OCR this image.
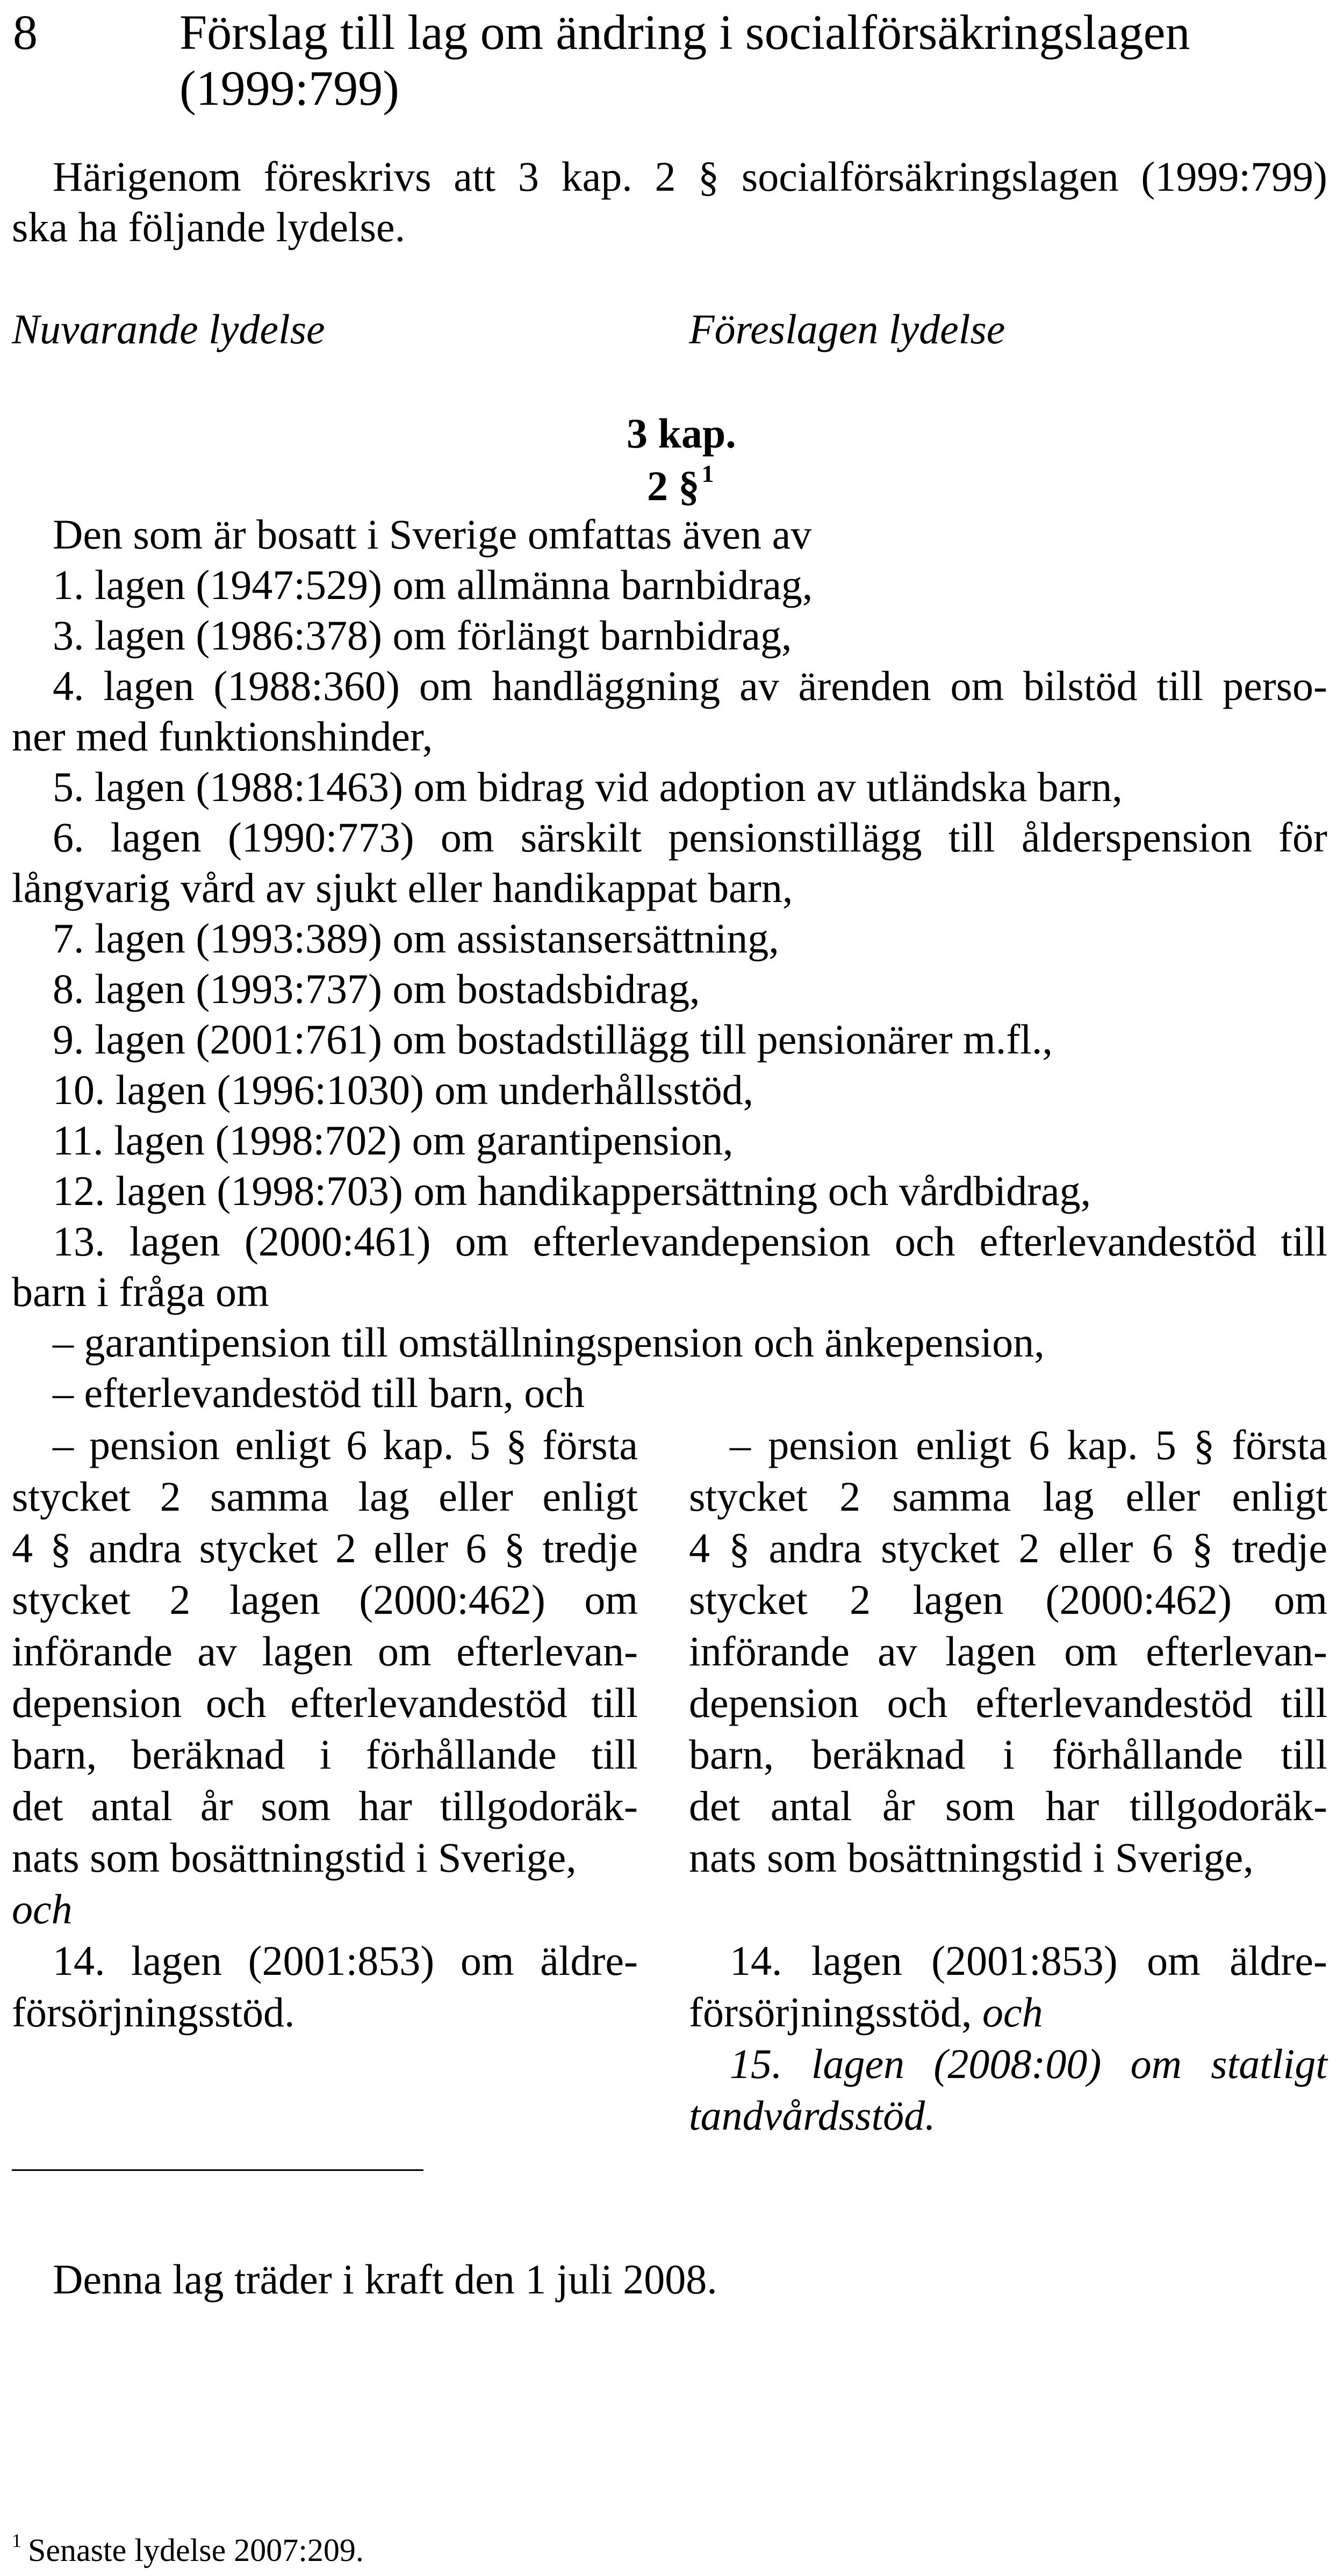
8	Förslag till lag om ändring i socialförsäkringslagen
(1999:799)
Härigenom föreskrivs att 3 kap. 2 § socialförsäkringslagen (1999:799)
ska ha följande lydelse.
Nuvarande lydelse	Föreslagen lydelse
3 kap.
2 §$^1$
Den som är bosatt i Sverige omfattas även av
1. lagen (1947:529) om allmänna barnbidrag,
3. lagen (1986:378) om förlängt barnbidrag,
4. lagen (1988:360) om handläggning av ärenden om bilstöd till perso-
ner med funktionshinder,
5. lagen (1988:1463) om bidrag vid adoption av utländska barn,
6. lagen (1990:773) om särskilt pensionstillägg till ålderspension för
långvarig vård av sjukt eller handikappat barn,
7. lagen (1993:389) om assistansersättning,
8. lagen (1993:737) om bostadsbidrag,
9. lagen (2001:761) om bostadstillägg till pensionärer m.fl.,
10. lagen (1996:1030) om underhållsstöd,
11. lagen (1998:702) om garantipension,
12. lagen (1998:703) om handikappersättning och vårdbidrag,
13. lagen (2000:461) om efterlevandepension och efterlevandestöd till
barn i fråga om
– garantipension till omställningspension och änkepension,
– efterlevandestöd till barn, och
– pension enligt 6 kap. 5 § första
stycket 2 samma lag eller enligt
4 § andra stycket 2 eller 6 § tredje
stycket 2 lagen (2000:462) om
införande av lagen om efterlevan-
depension och efterlevandestöd till
barn, beräknad i förhållande till
det antal år som har tillgodoräk-
nats som bosättningstid i Sverige,
och
14. lagen (2001:853) om äldre-
försörjningsstöd.
– pension enligt 6 kap. 5 § första
stycket 2 samma lag eller enligt
4 § andra stycket 2 eller 6 § tredje
stycket 2 lagen (2000:462) om
införande av lagen om efterlevan-
depension och efterlevandestöd till
barn, beräknad i förhållande till
det antal år som har tillgodoräk-
nats som bosättningstid i Sverige,
14. lagen (2001:853) om äldre-
försörjningsstöd, och
15. lagen (2008:00) om statligt
tandvårdsstöd.
Denna lag träder i kraft den 1 juli 2008.
$^1$ Senaste lydelse 2007:209.
